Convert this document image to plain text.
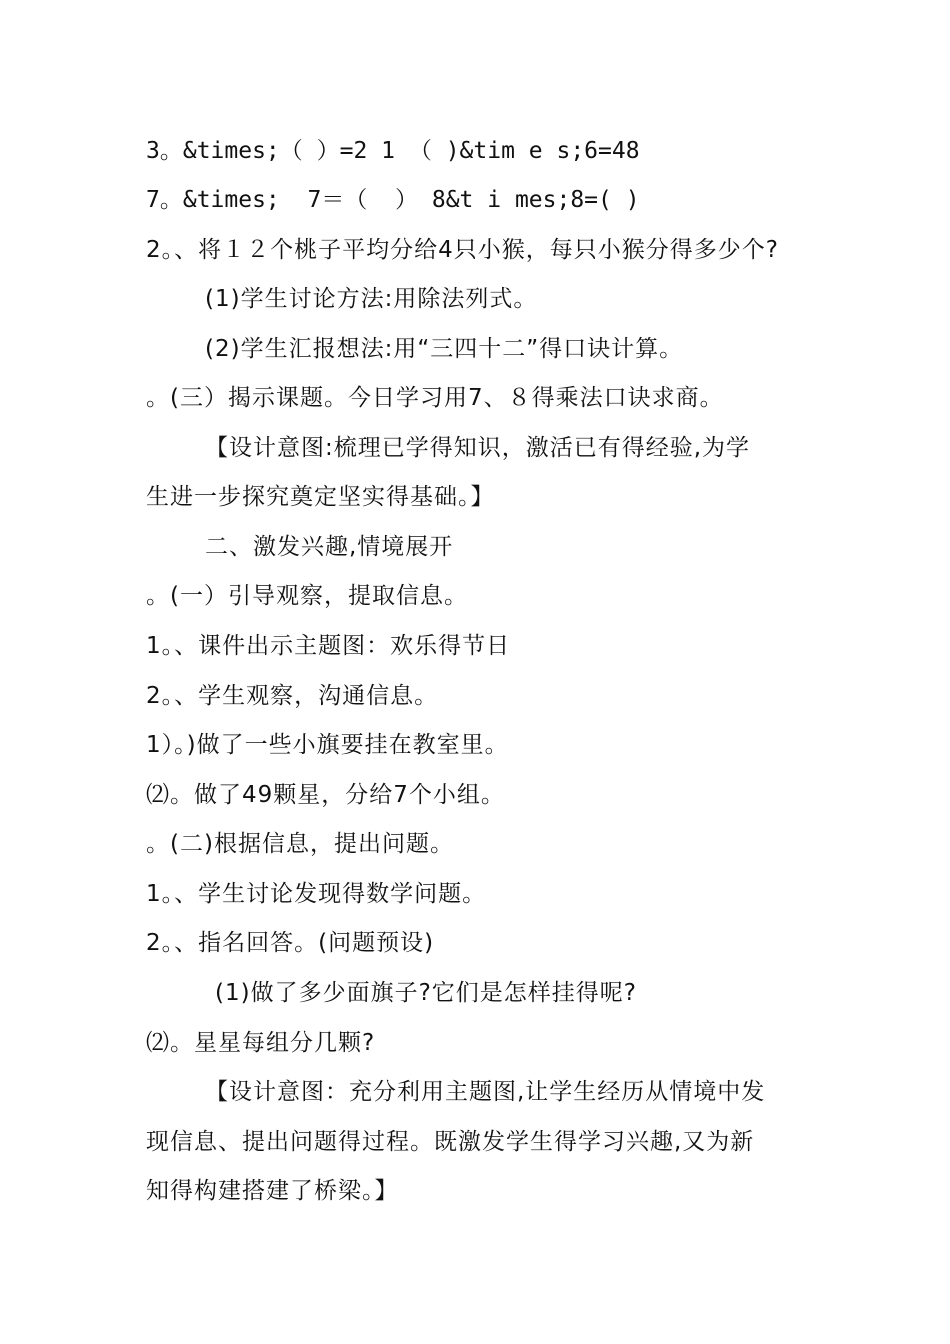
3。&times;（ ）=2 1 （ )&tim e s;6=48
7。&times;  7＝（  ） 8&t i mes;8=( )
2。、将１２个桃子平均分给4只小猴，每只小猴分得多少个?
(1)学生讨论方法:用除法列式。
(2)学生汇报想法:用“三四十二”得口诀计算。
。(三）揭示课题。今日学习用7、８得乘法口诀求商。
【设计意图:梳理已学得知识，激活已有得经验,为学
生进一步探究奠定坚实得基础。】
二、激发兴趣,情境展开
。(一）引导观察，提取信息。
1。、课件出示主题图：欢乐得节日
2。、学生观察，沟通信息。
1）。)做了一些小旗要挂在教室里。
⑵。做了49颗星，分给7个小组。
。(二)根据信息，提出问题。
1。、学生讨论发现得数学问题。
2。、指名回答。(问题预设)
(1)做了多少面旗子?它们是怎样挂得呢?
⑵。星星每组分几颗?
【设计意图：充分利用主题图,让学生经历从情境中发
现信息、提出问题得过程。既激发学生得学习兴趣,又为新
知得构建搭建了桥梁。】
